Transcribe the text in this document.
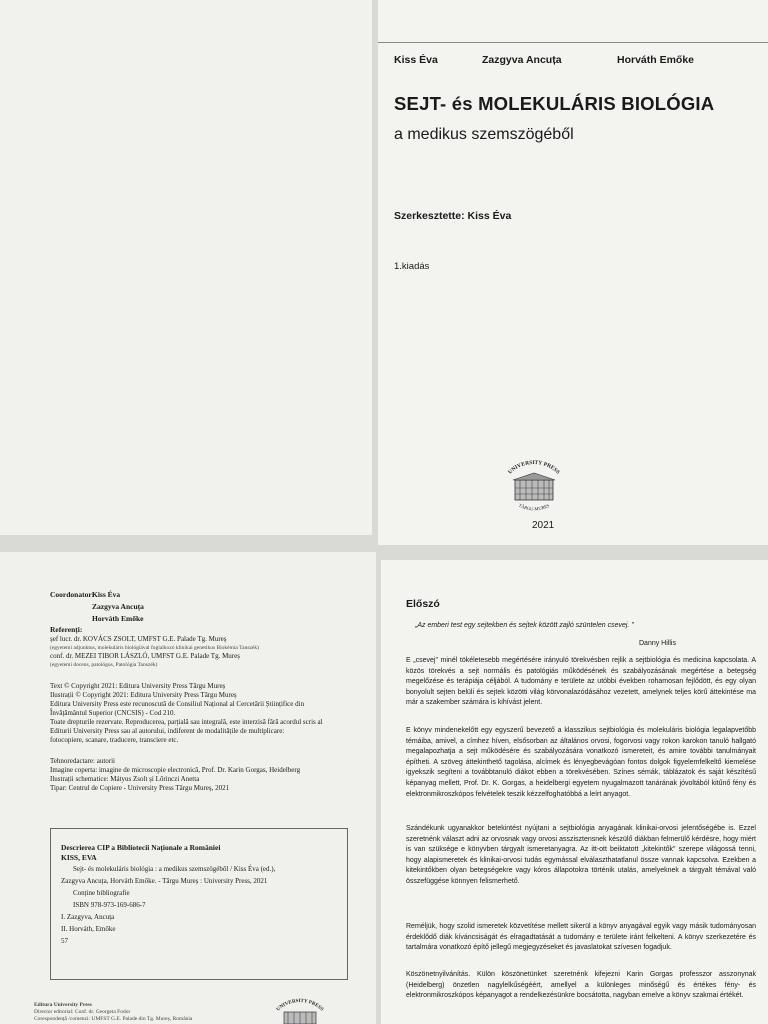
Kiss Éva	Zazgyva Ancuța	Horváth Emőke
SEJT- és MOLEKULÁRIS BIOLÓGIA
a medikus szemszögéből
Szerkesztette: Kiss Éva
1.kiadás
UNIVERSITY PRESS
TÂRGU-MUREȘ
2021
Coordonator:
Kiss Éva
Zazgyva Ancuța
Horváth Emőke
Referenți:
șef lucr. dr. KOVÁCS ZSOLT, UMFST G.E. Palade Tg. Mureș
(egyetemi adjunktus, molekuláris biológiával foglalkozó klinikai genetikus Biokémia Tanszék)
conf. dr. MEZEI TIBOR LÁSZLÓ, UMFST G.E. Palade Tg. Mureș
(egyetemi docens, patológus, Patológia Tanszék)
Text © Copyright 2021: Editura University Press Târgu Mureș
Ilustrații © Copyright 2021: Editura University Press Târgu Mureș
Editura University Press este recunoscută de Consiliul Național al Cercetării Științifice din
Învățământul Superior (CNCSIS) - Cod 210.
Toate drepturile rezervate. Reproducerea, parțială sau integrală, este interzisă fără acordul scris al
Editurii University Press sau al autorului, indiferent de modalitățile de multiplicare:
fotocopiere, scanare, traducere, transciere etc.
Tehnoredactare: autorii
Imagine coperta: imagine de microscopie electronică, Prof. Dr. Karin Gorgas, Heidelberg
Ilustrații schematice: Mátyus Zsolt și Lőrinczi Anetta
Tipar: Centrul de Copiere - University Press Târgu Mureș, 2021
Descrierea CIP a Bibliotecii Naționale a României
KISS, EVA
Sejt- és molekuláris biológia : a medikus szemszögéből / Kiss Éva (ed.),
Zazgyva Ancuța, Horváth Emőke. - Târgu Mureș : University Press, 2021
Conține bibliografie
ISBN 978-973-169-686-7
I. Zazgyva, Ancuța
II. Horváth, Emőke
57
Editura University Press
Director editorial: Conf. dr. Georgeta Fodor
Corespondență /comenzi: UMFST G.E. Palade din Tg. Mureș, România
UNIVERSITY PRESS
Előszó
„Az emberi test egy sejtekben és sejtek között zajló szüntelen csevej. "
Danny Hillis

E „csevej" minél tökéletesebb megértésére irányuló törekvésben rejlik a sejtbiológia és medicina kapcsolata. A közös törekvés a sejt normális és patológiás működésének és szabályozásának megértése a betegség megelőzése és terápiája céljából. A tudomány e területe az utóbbi években rohamosan fejlődött, és egy olyan bonyolult sejten belüli és sejtek közötti világ körvonalazódásához vezetett, amelynek teljes körű áttekintése ma már a szakember számára is kihívást jelent.

E könyv mindenekelőtt egy egyszerű bevezető a klasszikus sejtbiológia és molekuláris biológia legalapvetőbb témáiba, amivel, a címhez híven, elsősorban az általános orvosi, fogorvosi vagy rokon karokon tanuló hallgató megalapozhatja a sejt működésére és szabályozására vonatkozó ismereteit, és amire további tanulmányait építheti. A szöveg áttekinthető tagolása, alcímek és lényegbevágóan fontos dolgok figyelemfelkeltő kiemelése igyekszik segíteni a továbbtanuló diákot ebben a törekvésében. Színes sémák, táblázatok és saját készítésű képanyag mellett, Prof. Dr. K. Gorgas, a heidelbergi egyetem nyugalmazott tanárának jóvoltából kitűnő fény és elektronmikroszkópos felvételek teszik kézzelfoghatóbbá a leírt anyagot.

Szándékunk ugyanakkor betekintést nyújtani a sejtbiológia anyagának klinikai-orvosi jelentőségébe is. Ezzel szeretnénk választ adni az orvosnak vagy orvosi asszisztensnek készülő diákban felmerülő kérdésre, hogy miért is van szüksége e könyvben tárgyalt ismeretanyagra. Az itt-ott beiktatott „kitekintők" szerepe világossá tenni, hogy alapismeretek és klinikai-orvosi tudás egymással elválaszthatatlanul össze vannak kapcsolva. Ezekben a kitekintőkben olyan betegségekre vagy kóros állapotokra történik utalás, amelyeknek a tárgyalt témával való összefüggése könnyen felismerhető.

Reméljük, hogy szolid ismeretek közvetítése mellett sikerül a könyv anyagával egyik vagy másik tudományosan érdeklődő diák kíváncsiságát és elragadtatását a tudomány e területe iránt felkelteni. A könyv szerkezetére és tartalmára vonatkozó építő jellegű megjegyzéseket és javaslatokat szívesen fogadjuk.

Köszönetnyilvánítás. Külön köszönetünket szeretnénk kifejezni Karin Gorgas professzor asszonynak (Heidelberg) önzetlen nagylelkűségéért, amellyel a különleges minőségű és értékes fény- és elektronmikroszkópos képanyagot a rendelkezésünkre bocsátotta, nagyban emelve a könyv szakmai értékét.
